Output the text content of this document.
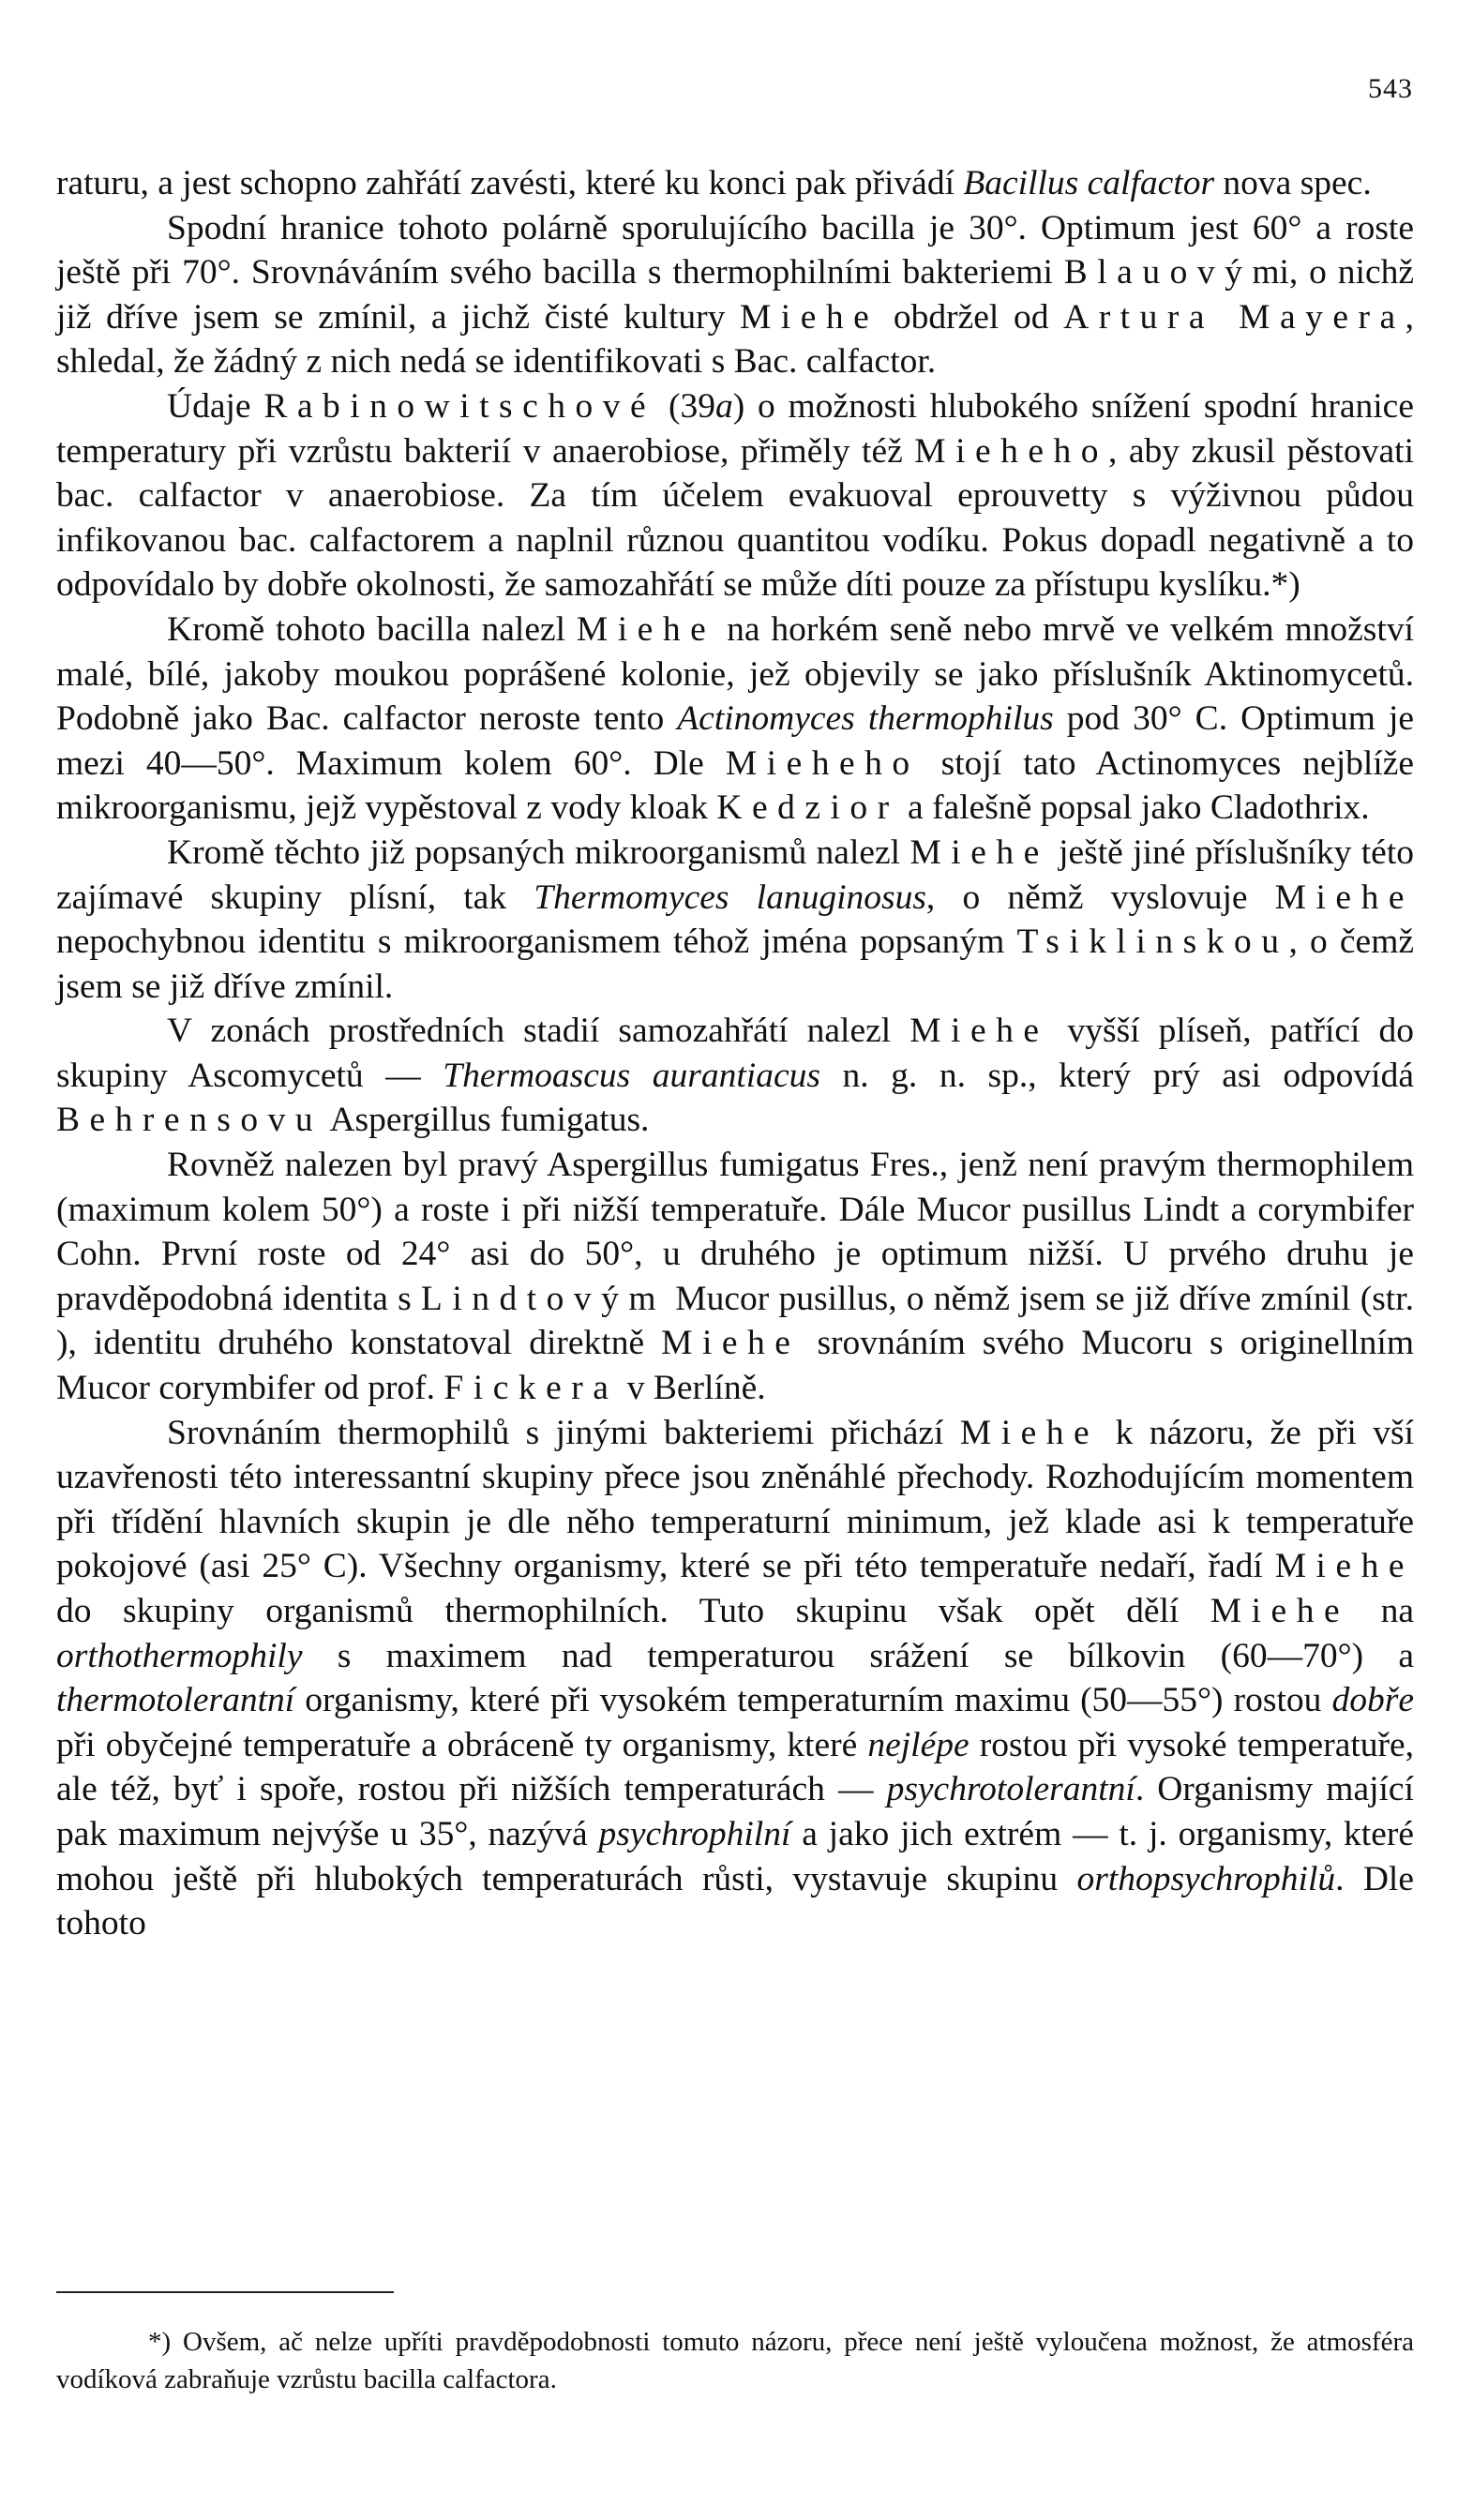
543

raturu, a jest schopno zahřátí zavésti, které ku konci pak přivádí Bacillus calfactor nova spec.

Spodní hranice tohoto polárně sporulujícího bacilla je 30°. Optimum jest 60° a roste ještě při 70°. Srovnáváním svého bacilla s thermophilními bakteriemi Blauovými, o nichž již dříve jsem se zmínil, a jichž čisté kultury Miehe obdržel od Artura Mayera, shledal, že žádný z nich nedá se identifikovati s Bac. calfactor.

Údaje Rabinowitschové (39a) o možnosti hlubokého snížení spodní hranice temperatury při vzrůstu bakterií v anaerobiose, přiměly též Mieheho, aby zkusil pěstovati bac. calfactor v anaerobiose. Za tím účelem evakuoval eprouvetty s výživnou půdou infikovanou bac. calfactorem a naplnil různou quantitou vodíku. Pokus dopadl negativně a to odpovídalo by dobře okolnosti, že samozahřátí se může díti pouze za přístupu kyslíku.*)

Kromě tohoto bacilla nalezl Miehe na horkém seně nebo mrvě ve velkém množství malé, bílé, jakoby moukou poprášené kolonie, jež objevily se jako příslušník Aktinomycetů. Podobně jako Bac. calfactor neroste tento Actinomyces thermophilus pod 30° C. Optimum je mezi 40—50°. Maximum kolem 60°. Dle Mieheho stojí tato Actinomyces nejblíže mikroorganismu, jejž vypěstoval z vody kloak Kedzior a falešně popsal jako Cladothrix.

Kromě těchto již popsaných mikroorganismů nalezl Miehe ještě jiné příslušníky této zajímavé skupiny plísní, tak Thermomyces lanuginosus, o němž vyslovuje Miehe nepochybnou identitu s mikroorganismem téhož jména popsaným Tsiklinskou, o čemž jsem se již dříve zmínil.

V zonách prostředních stadií samozahřátí nalezl Miehe vyšší plíseň, patřící do skupiny Ascomycetů — Thermoascus aurantiacus n. g. n. sp., který prý asi odpovídá Behrensovu Aspergillus fumigatus.

Rovněž nalezen byl pravý Aspergillus fumigatus Fres., jenž není pravým thermophilem (maximum kolem 50°) a roste i při nižší temperatuře. Dále Mucor pusillus Lindt a corymbifer Cohn. První roste od 24° asi do 50°, u druhého je optimum nižší. U prvého druhu je pravděpodobná identita s Lindtovým Mucor pusillus, o němž jsem se již dříve zmínil (str. ), identitu druhého konstatoval direktně Miehe srovnáním svého Mucoru s originellním Mucor corymbifer od prof. Fickera v Berlíně.

Srovnáním thermophilů s jinými bakteriemi přichází Miehe k názoru, že při vší uzavřenosti této interessantní skupiny přece jsou zněnáhlé přechody. Rozhodujícím momentem při třídění hlavních skupin je dle něho temperaturní minimum, jež klade asi k temperatuře pokojové (asi 25° C). Všechny organismy, které se při této temperatuře nedaří, řadí Miehe do skupiny organismů thermophilních. Tuto skupinu však opět dělí Miehe na orthothermophily s maximem nad temperaturou srážení se bílkovin (60—70°) a thermotolerantní organismy, které při vysokém temperaturním maximu (50—55°) rostou dobře při obyčejné temperatuře a obráceně ty organismy, které nejlépe rostou při vysoké temperatuře, ale též, byť i spoře, rostou při nižších temperaturách — psychrotolerantní. Organismy mající pak maximum nejvýše u 35°, nazývá psychrophilní a jako jich extrém — t. j. organismy, které mohou ještě při hlubokých temperaturách růsti, vystavuje skupinu orthopsychrophilů. Dle tohoto

*) Ovšem, ač nelze upříti pravděpodobnosti tomuto názoru, přece není ještě vyloučena možnost, že atmosféra vodíková zabraňuje vzrůstu bacilla calfactora.
